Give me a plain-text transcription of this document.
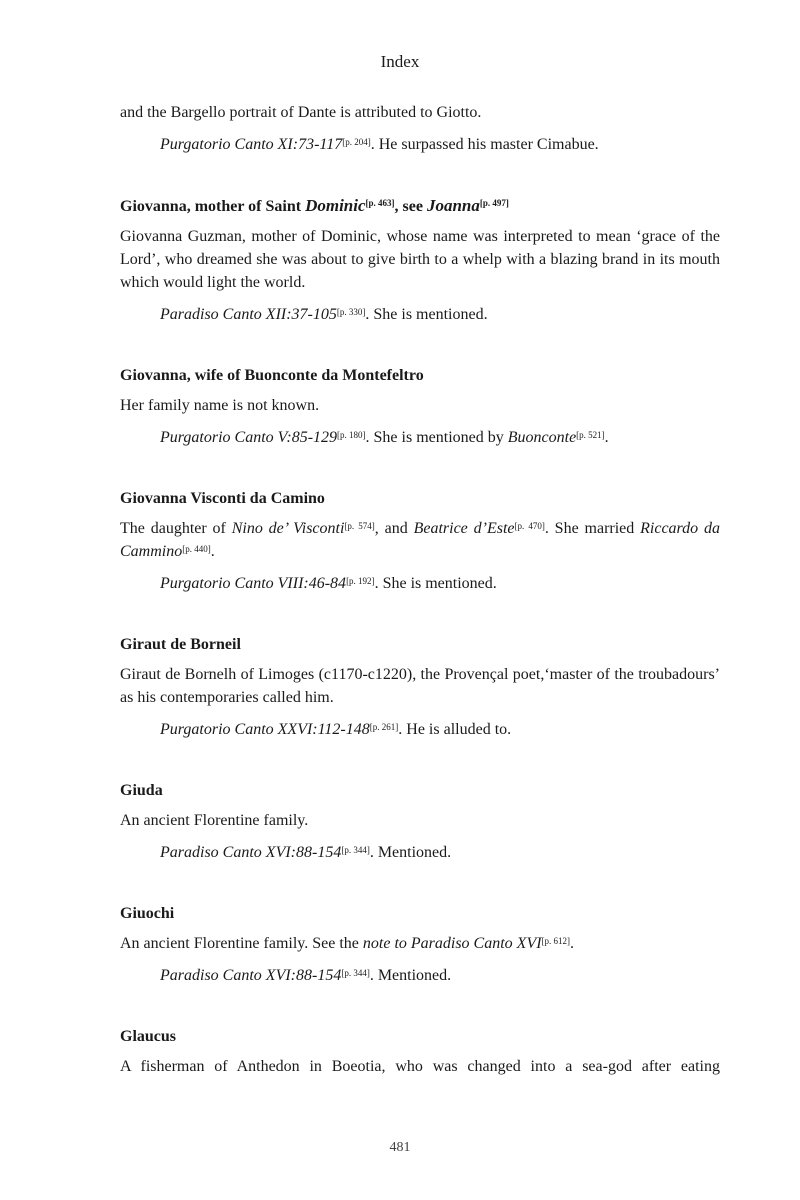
Index

and the Bargello portrait of Dante is attributed to Giotto.

Purgatorio Canto XI:73-117[p. 204]. He surpassed his master Cimabue.

Giovanna, mother of Saint Dominic[p. 463], see Joanna[p. 497]

Giovanna Guzman, mother of Dominic, whose name was interpreted to mean ‘grace of the Lord’, who dreamed she was about to give birth to a whelp with a blazing brand in its mouth which would light the world.

Paradiso Canto XII:37-105[p. 330]. She is mentioned.

Giovanna, wife of Buonconte da Montefeltro

Her family name is not known.

Purgatorio Canto V:85-129[p. 180]. She is mentioned by Buonconte[p. 521].

Giovanna Visconti da Camino

The daughter of Nino de’ Visconti[p. 574], and Beatrice d’Este[p. 470]. She married Riccardo da Cammino[p. 440].

Purgatorio Canto VIII:46-84[p. 192]. She is mentioned.

Giraut de Borneil

Giraut de Bornelh of Limoges (c1170-c1220), the Provençal poet,‘master of the troubadours’ as his contemporaries called him.

Purgatorio Canto XXVI:112-148[p. 261]. He is alluded to.

Giuda

An ancient Florentine family.

Paradiso Canto XVI:88-154[p. 344]. Mentioned.

Giuochi

An ancient Florentine family. See the note to Paradiso Canto XVI[p. 612].

Paradiso Canto XVI:88-154[p. 344]. Mentioned.

Glaucus

A fisherman of Anthedon in Boeotia, who was changed into a sea-god after eating

481
